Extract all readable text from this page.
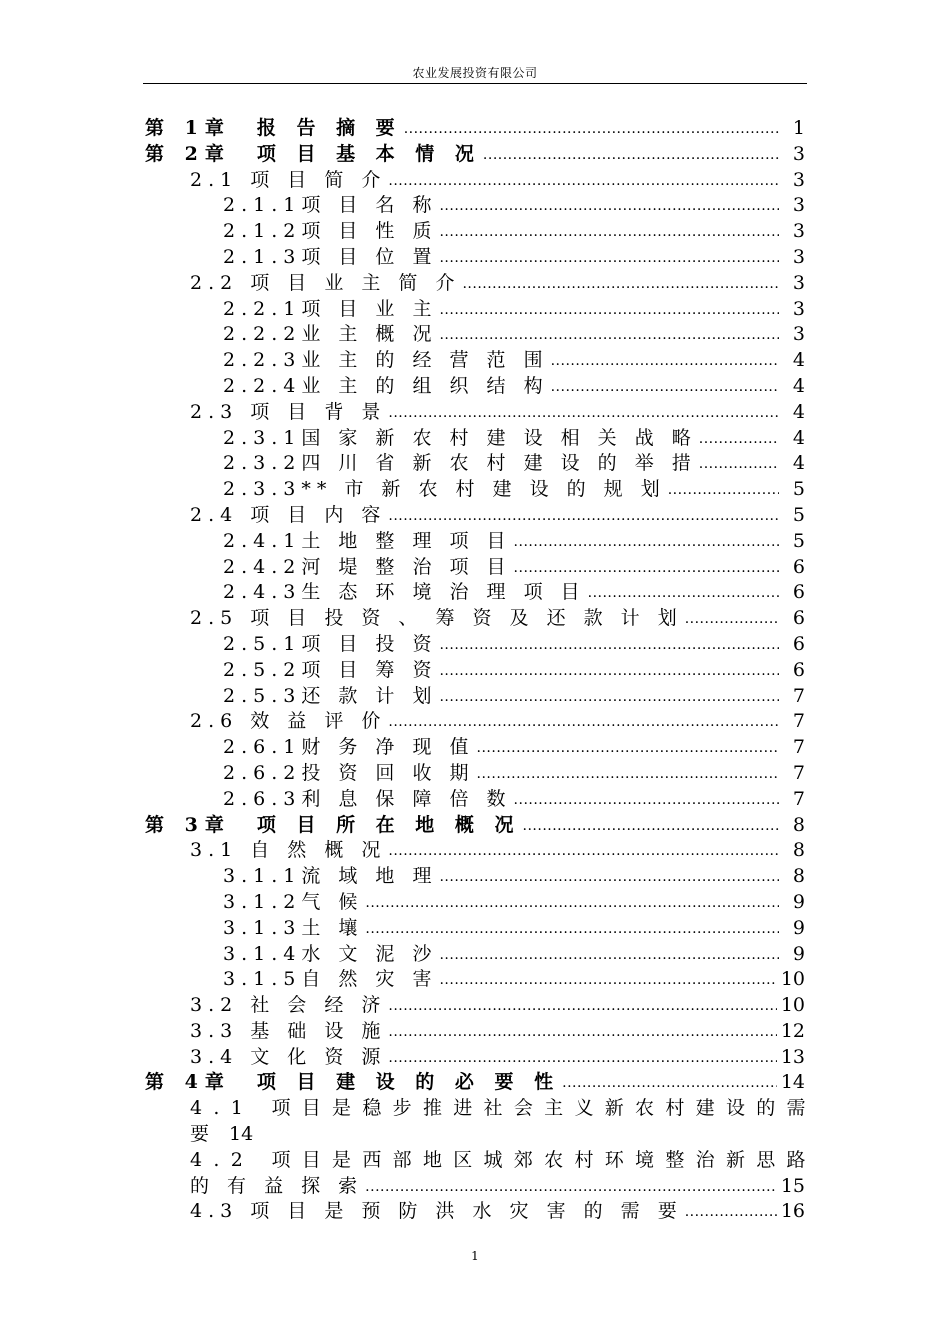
农业发展投资有限公司
第 1章　报 告 摘 要 .....	1
第 2章　项 目 基 本 情 况 .....	3
2.1 项 目 简 介 .....	3
2.1.1项 目 名 称 .....	3
2.1.2项 目 性 质 .....	3
2.1.3项 目 位 置 .....	3
2.2 项 目 业 主 简 介 .....	3
2.2.1项 目 业 主 .....	3
2.2.2业 主 概 况 .....	3
2.2.3业 主 的 经 营 范 围 .....	4
2.2.4业 主 的 组 织 结 构 .....	4
2.3 项 目 背 景 .....	4
2.3.1国 家 新 农 村 建 设 相 关 战 略 .....	4
2.3.2四 川 省 新 农 村 建 设 的 举 措 .....	4
2.3.3** 市 新 农 村 建 设 的 规 划 .....	5
2.4 项 目 内 容 .....	5
2.4.1土 地 整 理 项 目 .....	5
2.4.2河 堤 整 治 项 目 .....	6
2.4.3生 态 环 境 治 理 项 目 .....	6
2.5 项 目 投 资 、 筹 资 及 还 款 计 划 .....	6
2.5.1项 目 投 资 .....	6
2.5.2项 目 筹 资 .....	6
2.5.3还 款 计 划 .....	7
2.6 效 益 评 价 .....	7
2.6.1财 务 净 现 值 .....	7
2.6.2投 资 回 收 期 .....	7
2.6.3利 息 保 障 倍 数 .....	7
第 3章　项 目 所 在 地 概 况 .....	8
3.1 自 然 概 况 .....	8
3.1.1流 域 地 理 .....	8
3.1.2气 候 .....	9
3.1.3土 壤 .....	9
3.1.4水 文 泥 沙 .....	9
3.1.5自 然 灾 害 .....	10
3.2 社 会 经 济 .....	10
3.3 基 础 设 施 .....	12
3.4 文 化 资 源 .....	13
第 4章　项 目 建 设 的 必 要 性 .....	14
4.1 项目是稳步推进社会主义新农村建设的需
要 14
4.2 项目是西部地区城郊农村环境整治新思路
的 有 益 探 索 .....	15
4.3 项 目 是 预 防 洪 水 灾 害 的 需 要 .....	16
1
